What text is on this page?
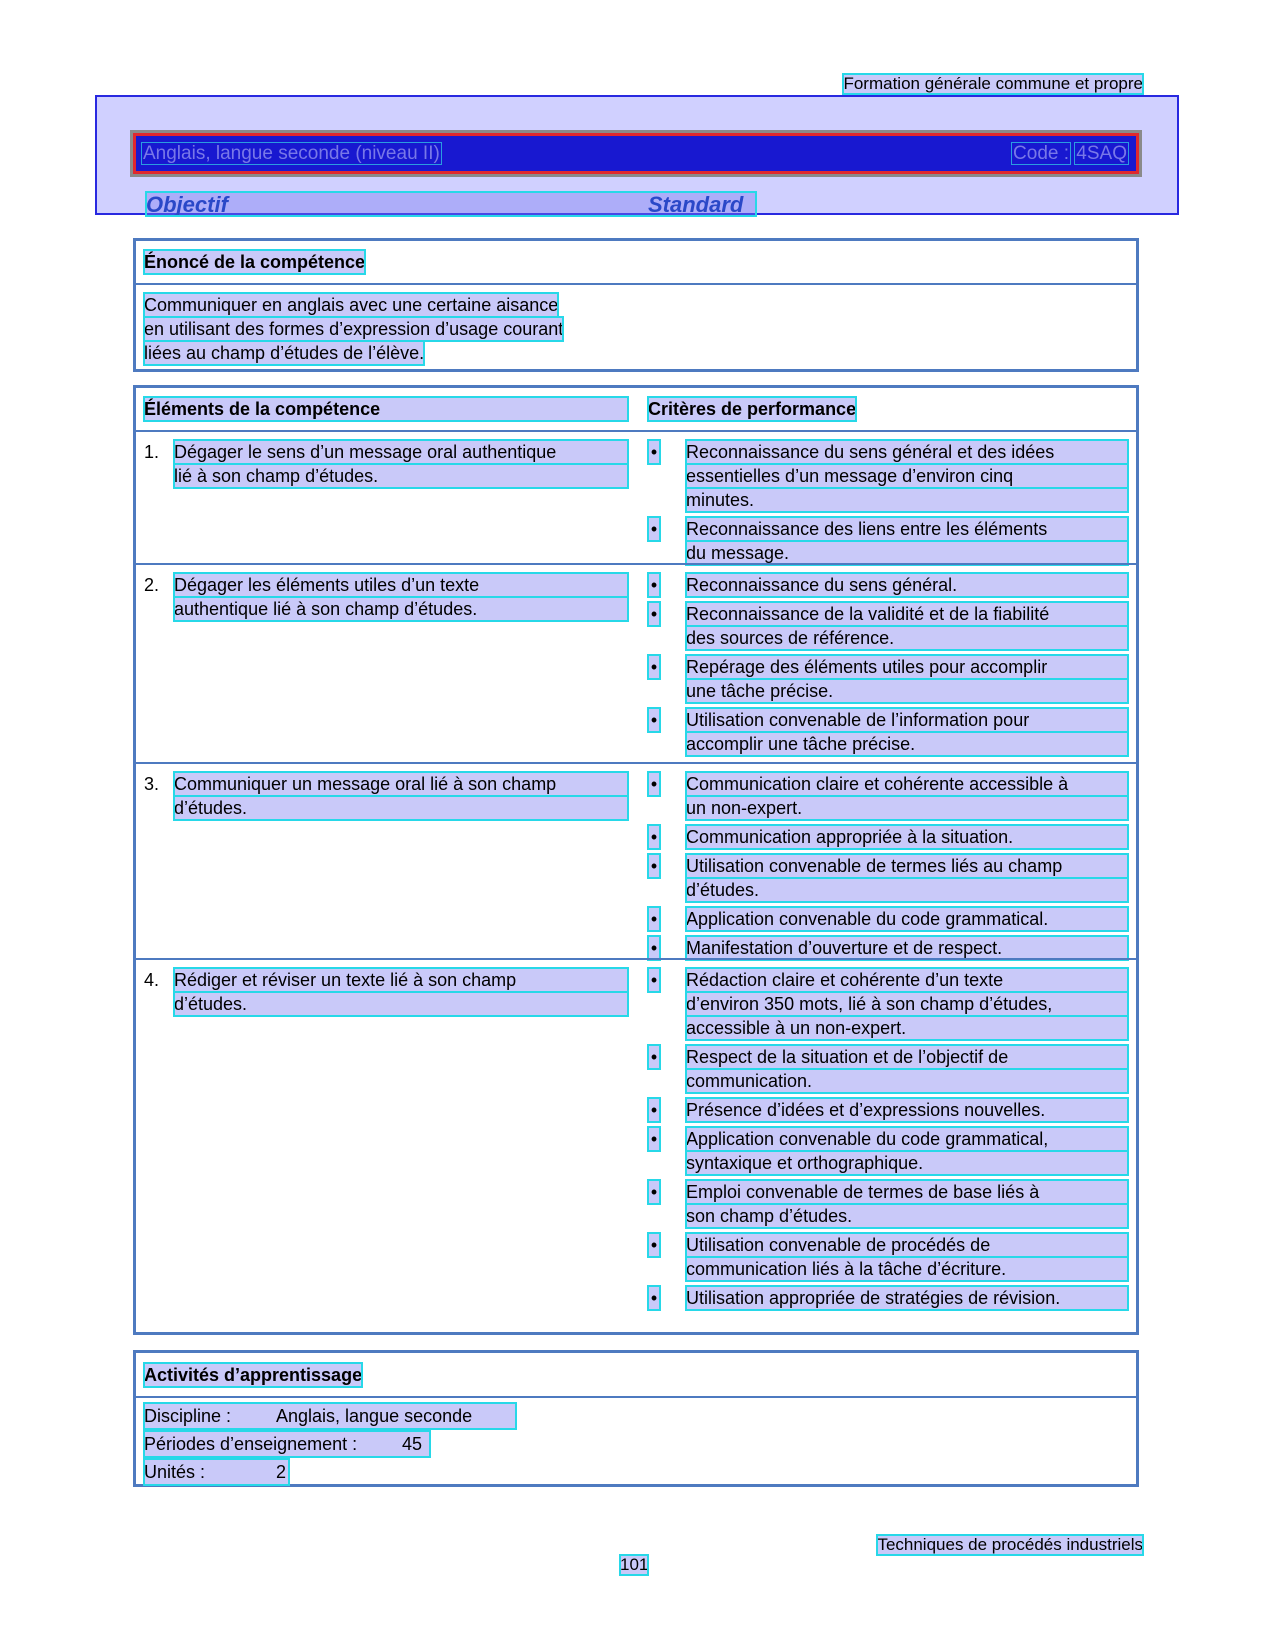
Formation générale commune et propre
Anglais, langue seconde (niveau II)	Code : 4SAQ
Objectif	Standard
Énoncé de la compétence
Communiquer en anglais avec une certaine aisance
en utilisant des formes d’expression d’usage courant
liées au champ d’études de l’élève.
Éléments de la compétence	Critères de performance
1. Dégager le sens d’un message oral authentique
lié à son champ d’études.
• Reconnaissance du sens général et des idées
essentielles d’un message d’environ cinq
minutes.
• Reconnaissance des liens entre les éléments
du message.
2. Dégager les éléments utiles d’un texte
authentique lié à son champ d’études.
• Reconnaissance du sens général.
• Reconnaissance de la validité et de la fiabilité
des sources de référence.
• Repérage des éléments utiles pour accomplir
une tâche précise.
• Utilisation convenable de l’information pour
accomplir une tâche précise.
3. Communiquer un message oral lié à son champ
d’études.
• Communication claire et cohérente accessible à
un non-expert.
• Communication appropriée à la situation.
• Utilisation convenable de termes liés au champ
d’études.
• Application convenable du code grammatical.
• Manifestation d’ouverture et de respect.
4. Rédiger et réviser un texte lié à son champ
d’études.
• Rédaction claire et cohérente d’un texte
d’environ 350 mots, lié à son champ d’études,
accessible à un non-expert.
• Respect de la situation et de l’objectif de
communication.
• Présence d’idées et d’expressions nouvelles.
• Application convenable du code grammatical,
syntaxique et orthographique.
• Emploi convenable de termes de base liés à
son champ d’études.
• Utilisation convenable de procédés de
communication liés à la tâche d’écriture.
• Utilisation appropriée de stratégies de révision.
Activités d’apprentissage
Discipline : Anglais, langue seconde
Périodes d’enseignement : 45
Unités :	2
Techniques de procédés industriels
101
